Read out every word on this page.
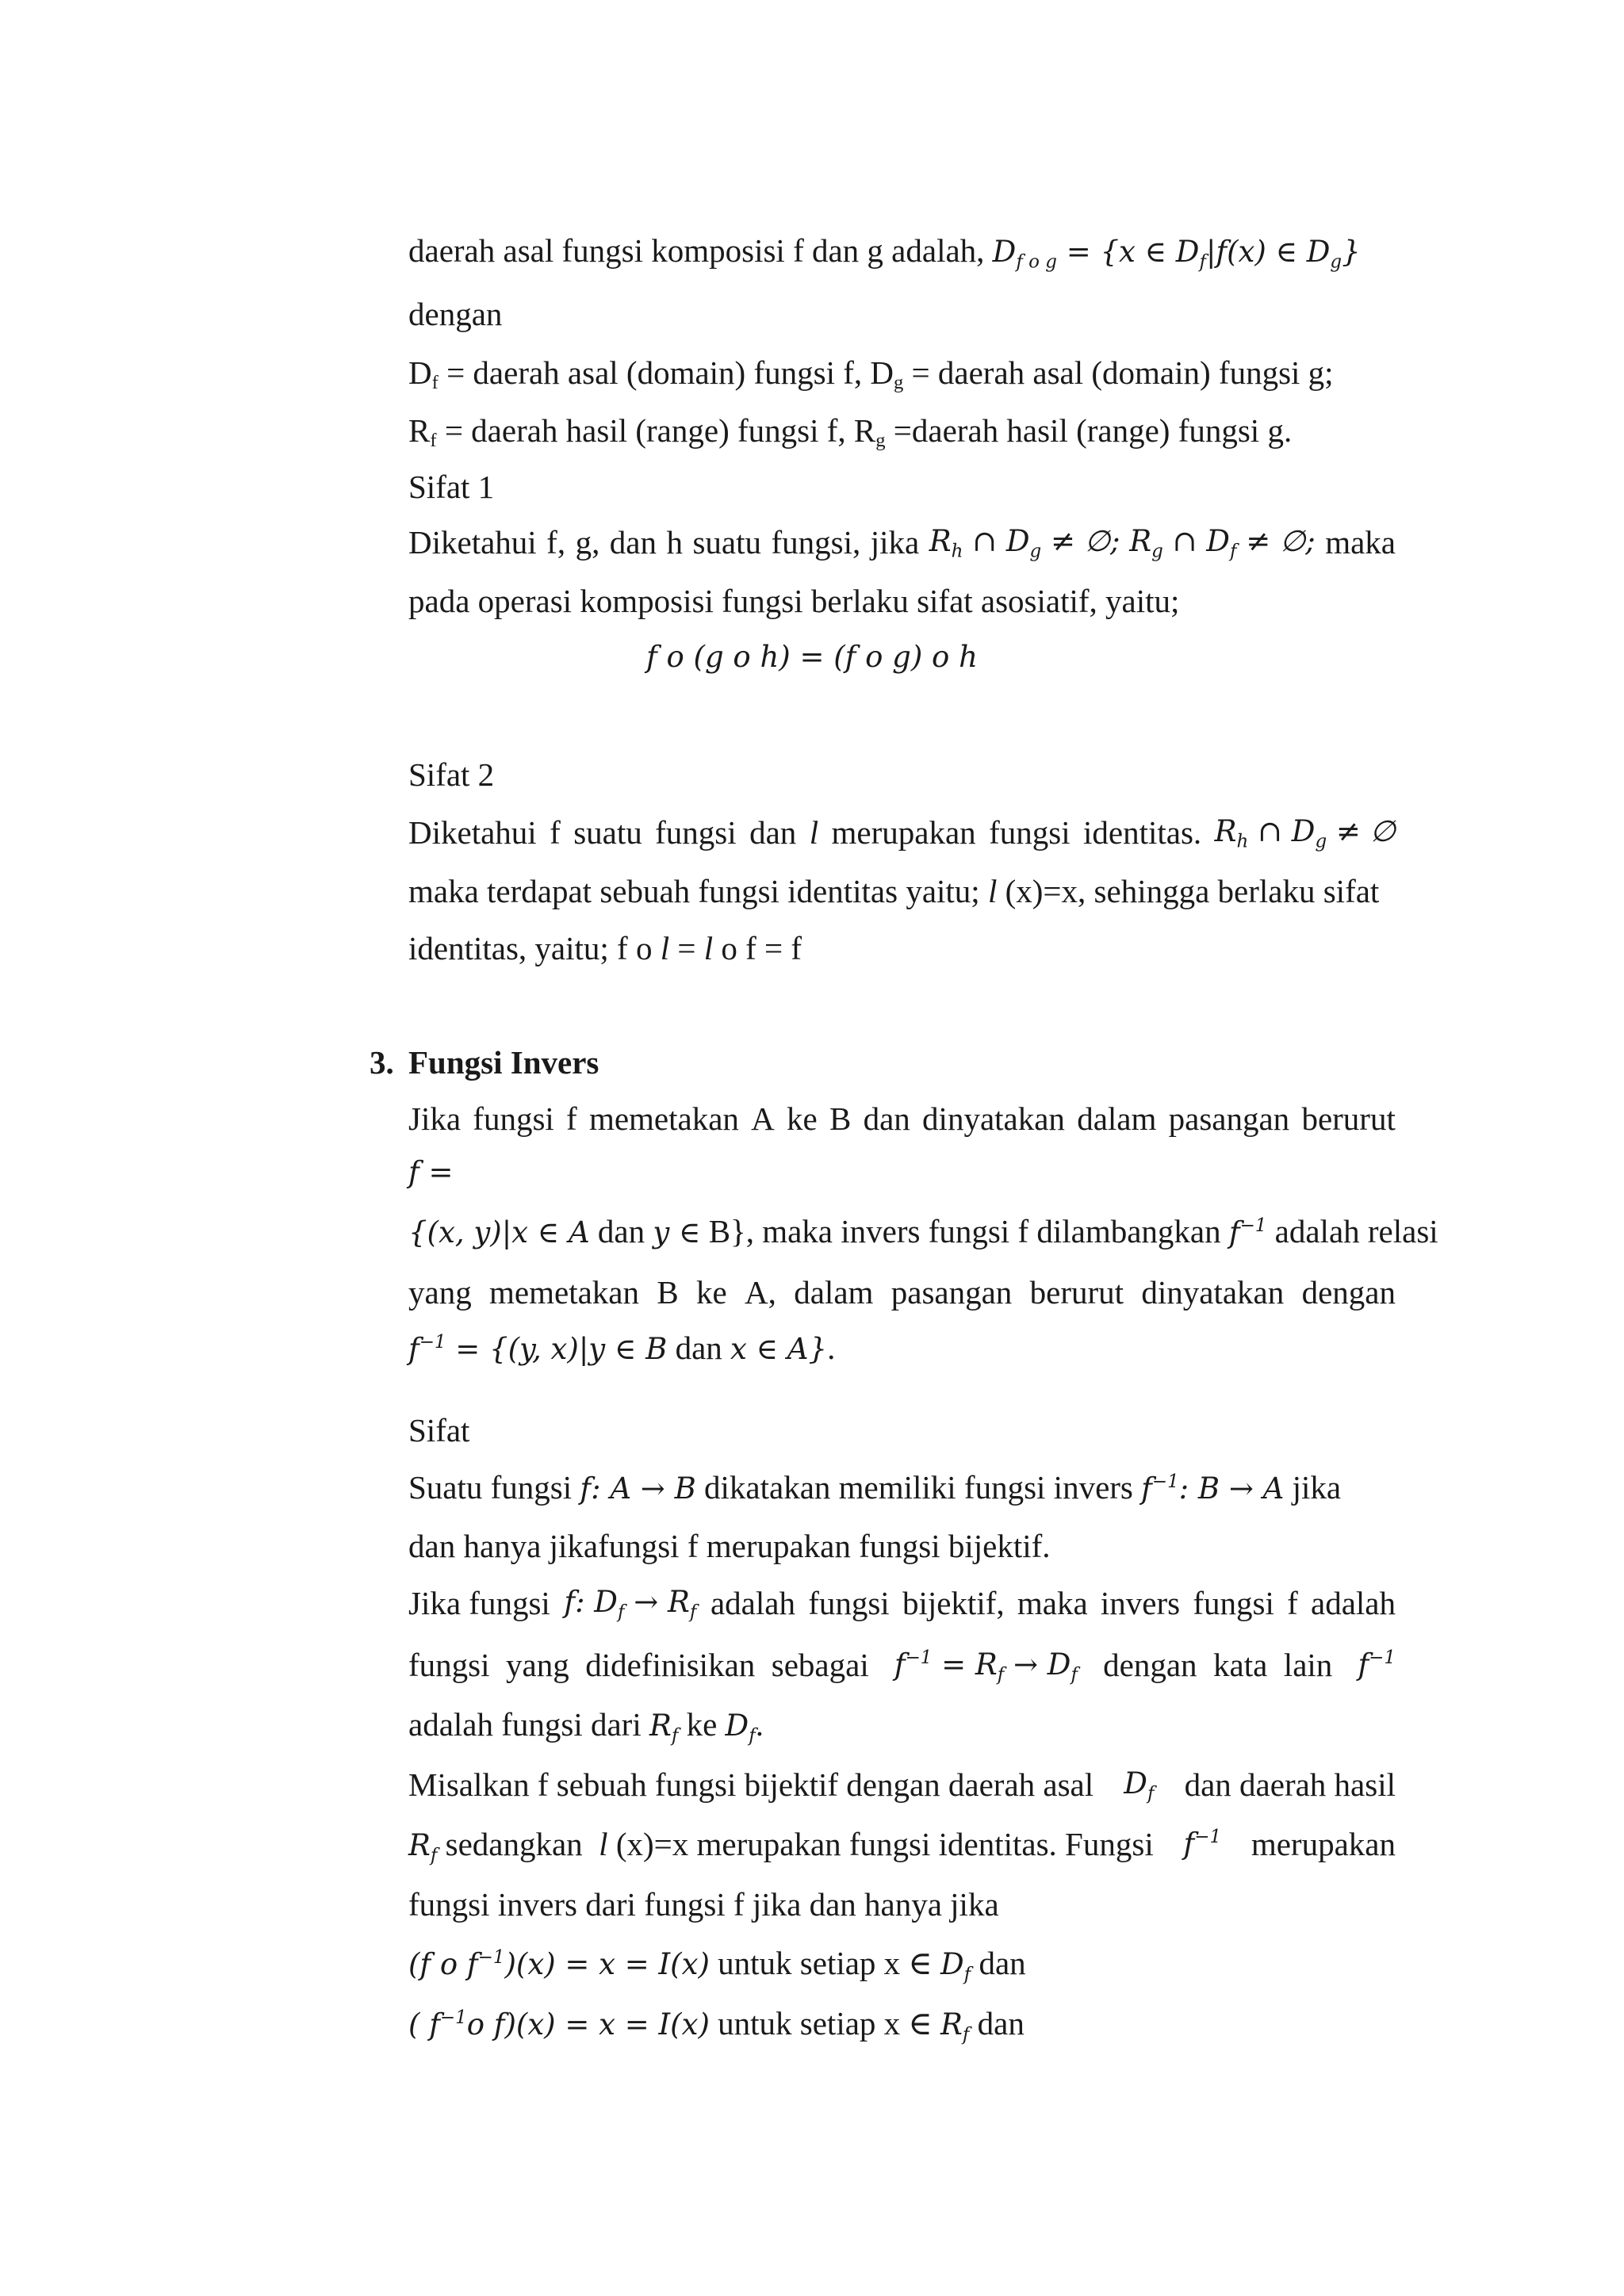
daerah asal fungsi komposisi f dan g adalah, $D_{f o g} = \{x$ ∈ $D_f|f(x)$ ∈ $D_g$}
dengan
Df = daerah asal (domain) fungsi f, Dg = daerah asal (domain) fungsi g;
Rf = daerah hasil (range) fungsi f, Rg =daerah hasil (range) fungsi g.
Sifat 1
Diketahui f, g, dan h suatu fungsi, jika $R_h$ ∩ $D_g$ ≠ ∅; $R_g$ ∩ $D_f$ ≠ ∅; maka
pada operasi komposisi fungsi berlaku sifat asosiatif, yaitu;
f o (g o h) = (f o g) o h
Sifat 2
Diketahui f suatu fungsi dan l merupakan fungsi identitas. $R_h$ ∩ $D_g$ ≠ ∅
maka terdapat sebuah fungsi identitas yaitu; l (x)=x, sehingga berlaku sifat
identitas, yaitu; f o l = l o f = f
3. Fungsi Invers
Jika fungsi f memetakan A ke B dan dinyatakan dalam pasangan berurut
f =
{(x, y)|x ∈ A dan y ∈ B}, maka invers fungsi f dilambangkan $f^{-1}$ adalah relasi
yang memetakan B ke A, dalam pasangan berurut dinyatakan dengan
$f^{-1} = \{(y$, x)|y ∈ B dan x ∈ A}.
Sifat
Suatu fungsi f: A → B dikatakan memiliki fungsi invers $f^{-1}$: B → A jika
dan hanya jikafungsi f merupakan fungsi bijektif.
Jika fungsi f: $D_f \to R_f$ adalah fungsi bijektif, maka invers fungsi f adalah
fungsi  yang  didefinisikan  sebagai $f^{-1} = R_f \to D_f$ dengan  kata  lain $f^{-1}$
adalah fungsi dari $R_f$ ke $D_f$.
Misalkan f sebuah fungsi bijektif dengan daerah asal $D_f$ dan daerah hasil
$R_f$ sedangkan  l (x)=x merupakan fungsi identitas. Fungsi $f^{-1}$ merupakan
fungsi invers dari fungsi f jika dan hanya jika
(f o $f^{-1})(x) = x = I(x)$ untuk setiap x ∈ $D_f$ dan
( $f^{-1}o$ f)(x) = x = I(x) untuk setiap x ∈ $R_f$ dan
